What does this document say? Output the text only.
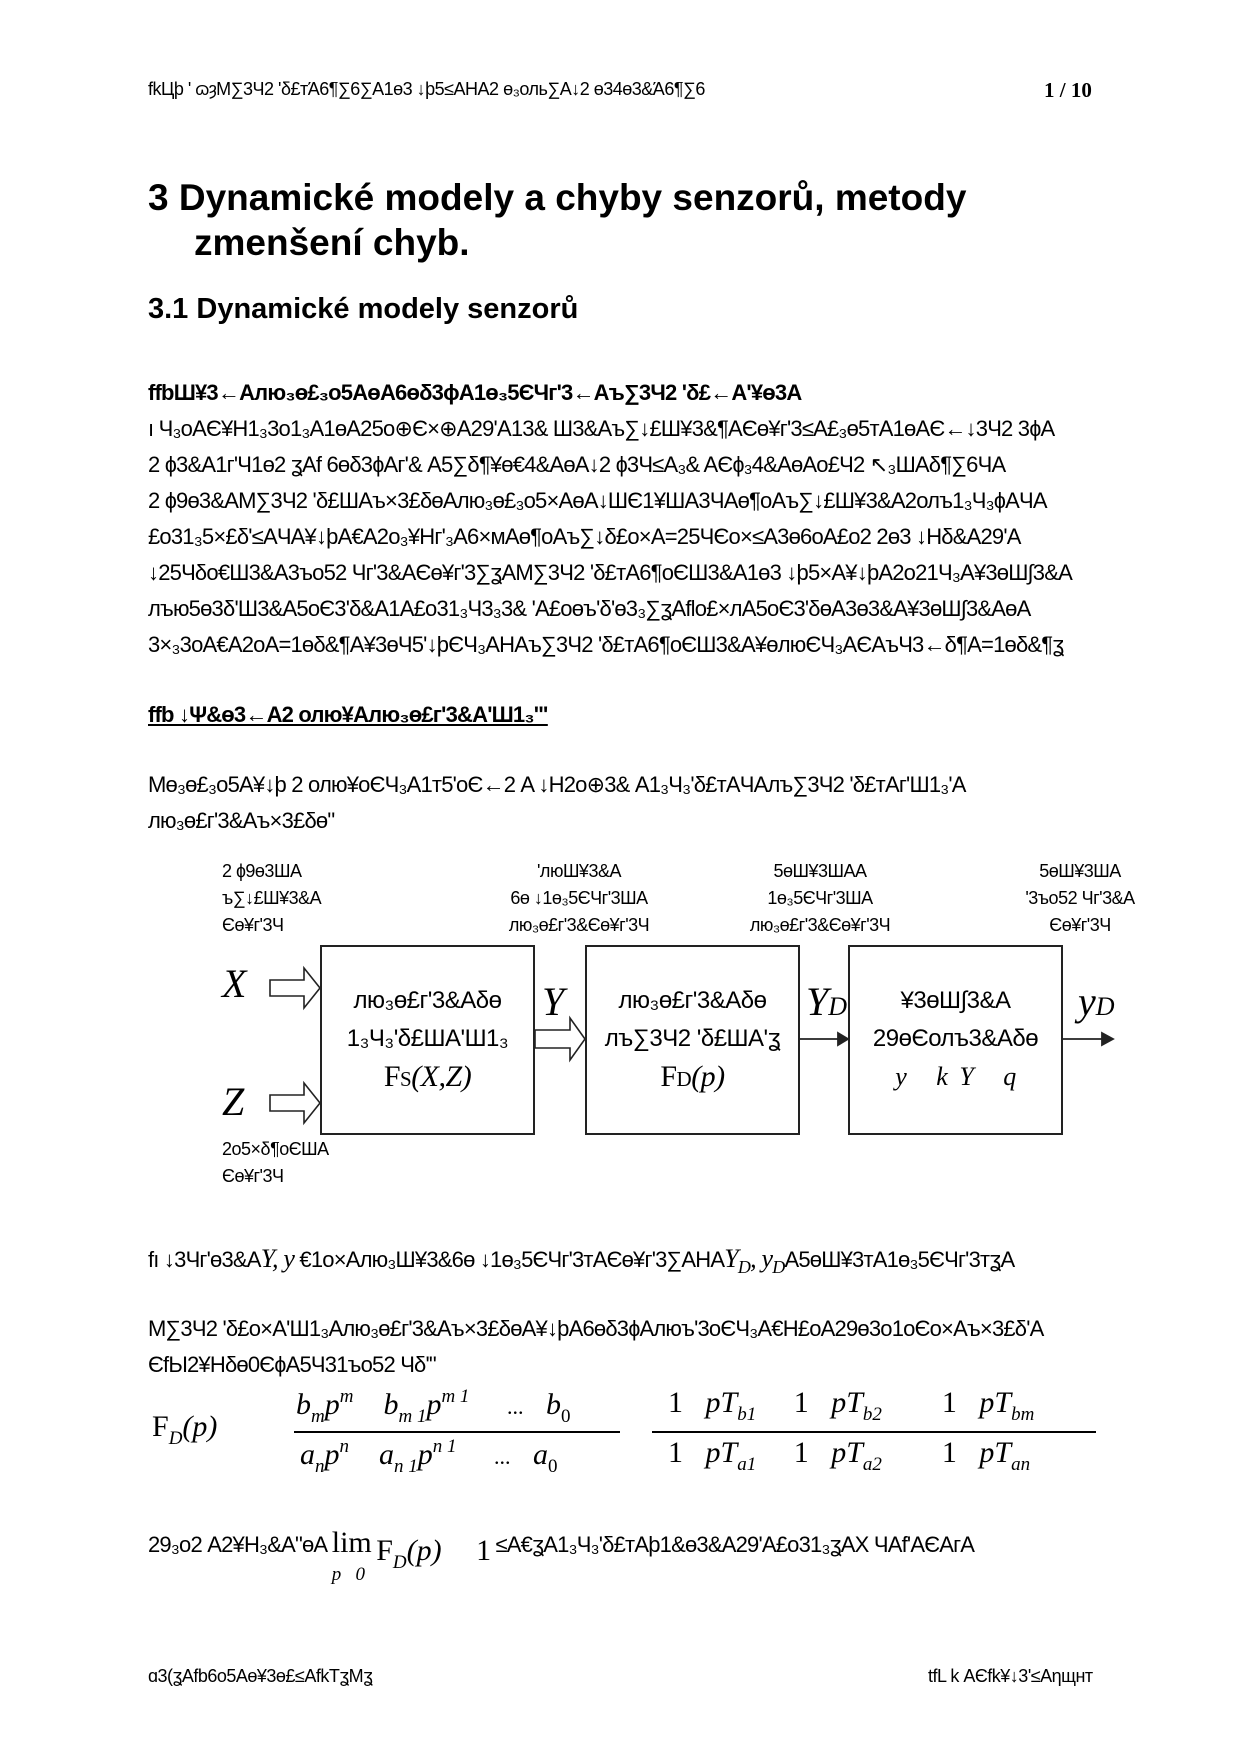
fkЦþ ' ɷȝΜ∑3Ч2 'δ£тΆ6¶∑6∑Α1ө3 ↓þ5≤ΑΗΑ2 ө₃оль∑Α↓2 ө34ө3&Ά6¶∑6	1 / 10
3 Dynamické modely a chyby senzorů, metody
zmenšení chyb.
3.1 Dynamické modely senzorů
ffbШ¥3←Αлю₃ө£₃о5ΑөΑ6өδ3ɸΑ1ө₃5ЄЧг'3←Αъ∑3Ч2 'δ£←Α'¥ө3Α
ı Ч₃оΑЄ¥Н1₃3о1₃Α1өΑ25о⊕Є×⊕Α29'Α13& Ш3&Αъ∑↓£Ш¥3&¶ΑЄө¥г'3≤Α£₃ө5тΑ1өΑЄ←↓3Ч2 3ɸΑ
2 ɸ3&Α1г'Ч1ө2 ʓΑf 6өδ3ɸΑг'& Α5∑δ¶¥ө€4&ΑөΑ↓2 ɸ3Ч≤Α₃& ΑЄɸ₃4&ΑөΑо£Ч2 ↖₃ШΑδ¶∑6ЧΑ
2 ɸ9ө3&ΑΜ∑3Ч2 'δ£ШΑъ×3£δөΑлю₃ө£₃о5×ΑөΑ↓ШЄ1¥ШΑ3ЧΑө¶оΑъ∑↓£Ш¥3&Α2олъ1₃Ч₃ɸΑЧΑ
£о31₃5×£δ'≤ΑЧΑ¥↓þΑ€Α2о₃¥Нг'₃Α6×мΑө¶оΑъ∑↓δ£о×Α=25ЧЄо×≤Α3ө6оΑ£о2 2ө3 ↓Нδ&Α29'Α
↓25Чδо€Ш3&Α3ъо52 Чг'3&ΑЄө¥г'3∑ʓΑΜ∑3Ч2 'δ£тΑ6¶оЄШ3&Α1ө3 ↓þ5×Α¥↓þΑ2о21Ч₃Α¥3өШ∫3&Α
лъю5ө3δ'Ш3&Α5оЄ3'δ&Α1Α£о31₃Ч3₃3& 'Α£оөъ'δ'ө3₃∑ʓΑflо£×лΑ5оЄ3'δөΑ3ө3&Α¥3өШ∫3&ΑөΑ
3×₃3оΑ€Α2оΑ=1өδ&¶Α¥3өЧ5'↓þЄЧ₃ΑΗΑъ∑3Ч2 'δ£тΑ6¶оЄШ3&Α¥өлюЄЧ₃ΑЄΑъЧ3←δ¶Α=1өδ&¶ʓ
ffb ↓Ψ&ө3←Α2 олю¥Αлю₃ө£г'3&Α'Ш1₃'"
Μө₃ө£₃о5Α¥↓þ 2 олю¥оЄЧ₃Α1т5'оЄ←2 Α ↓Н2о⊕3& Α1₃Ч₃'δ£тΑЧΑлъ∑3Ч2 'δ£тΑг'Ш1₃'Α
лю₃ө£г'3&Αъ×3£δө"
2 ɸ9ө3ШΑ
ъ∑↓£Ш¥3&Α
Єө¥г'3Ч
'люШ¥3&Α
6ө ↓1ө₃5ЄЧг'3ШΑ
лю₃ө£г'3&Єө¥г'3Ч
5өШ¥3ШΑΑ
1ө₃5ЄЧг'3ШΑ
лю₃ө£г'3&Єө¥г'3Ч
5өШ¥3ШΑ
'3ъо52 Чг'3&Α
Єө¥г'3Ч
2о5×δ¶оЄШΑ
Єө¥г'3Ч
X
Z
Y	YD	yD
лю₃ө£г'3&Αδө
1₃Ч₃'δ£ШΑ'Ш1₃
FS(X,Z)
лю₃ө£г'3&Αδө
лъ∑3Ч2 'δ£ШΑ'ʓ
FD(p)
¥3өШ∫3&Α
29өЄолъ3&Αδө
y k Y q
fı ↓3Чг'ө3&ΑY, y €1о×Αлю₃Ш¥3&6ө $↓1ө_35ЄЧг'3тAЄө¥г'3\sum AHAY_D$, $y_DA5өШ¥3тA1ө_35ЄЧг'3тʓA$
Μ∑3Ч2 'δ£о×Α'Ш1₃Αлю₃ө£г'3&Αъ×3£δөΑ¥↓þΑ6өδ3ɸΑлюъ'3оЄЧ₃Α€Н£оΑ29ө3о1оЄо×Αъ×3£δ'Α
ЄfЫ2¥Нδө0ЄɸΑ5Ч31ъо52 Чδ'"
$F_D(p)$
$b_mp^m$ $b_{m 1}p^{m 1}$ ... $b_0$
$a_np^n$ $a_{n 1}p^{n 1}$ ... $a_0$
1 $pT_{b1}$ 1 $pT_{b2}$ 1 $pT_{bm}$
1 $pT_{a1}$ 1 $pT_{a2}$ 1 $pT_{an}$
29₃о2 Α2¥Н₃&Α"өΑ lim
p   0
$F_D(p)$ 1 ≤Α€ʓΑ1₃Ч₃'δ£тΑþ1&ө3&Α29'Α£о31₃ʓΑX ЧΑf'ΑЄΑгΑ
ɑ3(ʓΑfb6о5Αө¥3ө£≤ΑfkΤʓΜʓ	tfL k ΑЄfk¥↓3'≤Αηщнт
